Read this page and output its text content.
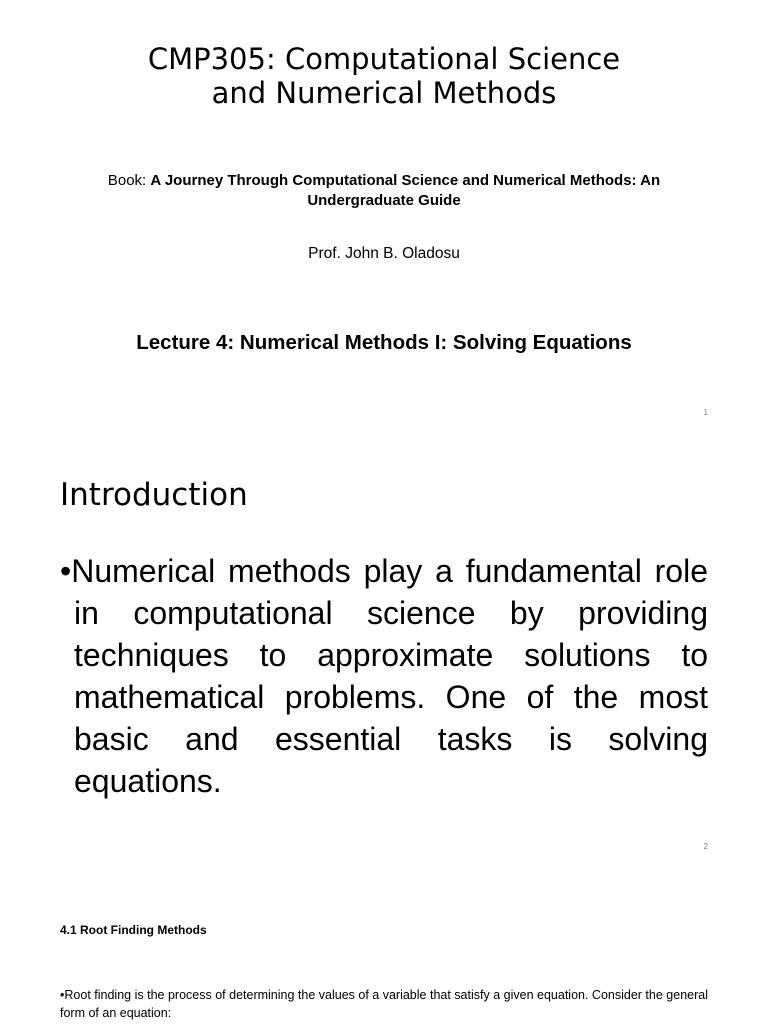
CMP305: Computational Science
and Numerical Methods
Book: A Journey Through Computational Science and Numerical Methods: An Undergraduate Guide
Prof. John B. Oladosu
Lecture 4: Numerical Methods I: Solving Equations
1
Introduction
•Numerical methods play a fundamental role in computational science by providing techniques to approximate solutions to mathematical problems. One of the most basic and essential tasks is solving equations.
2
4.1 Root Finding Methods
•Root finding is the process of determining the values of a variable that satisfy a given equation. Consider the general form of an equation:
